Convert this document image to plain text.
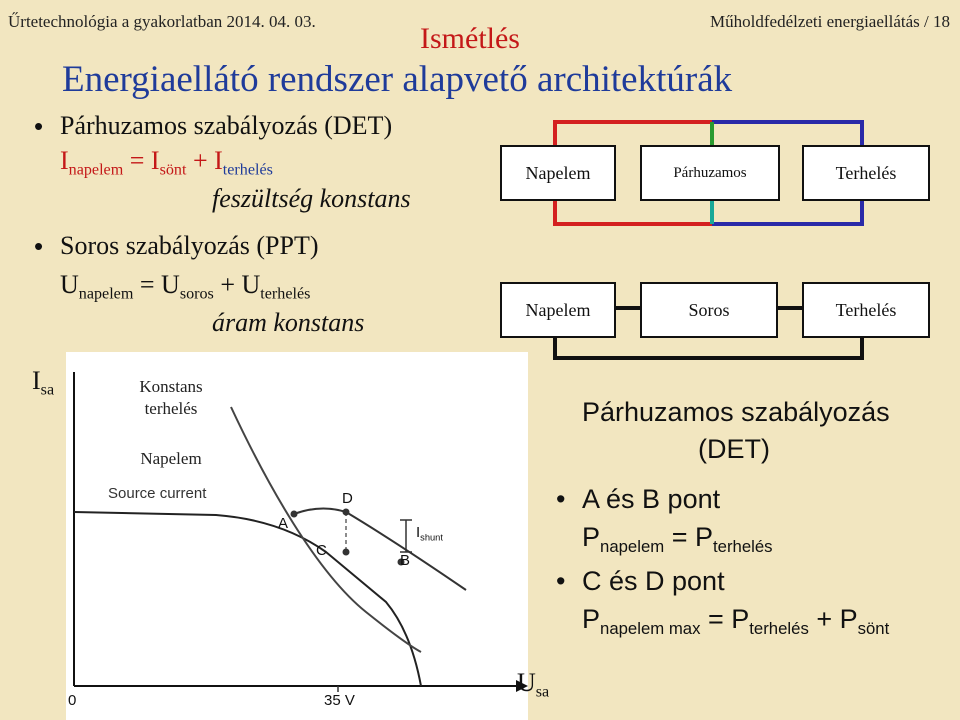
Űrtetechnológia a gyakorlatban 2014. 04. 03.	Műholdfedélzeti energiaellátás / 18
Ismétlés
Energiaellátó rendszer alapvető architektúrák
• Párhuzamos szabályozás (DET)
$I_{napelem} = I_{sönt} + I_{terhelés}$
feszültség konstans
• Soros szabályozás (PPT)
$U_{napelem} = U_{soros} + U_{terhelés}$
áram konstans
Napelem	Párhuzamos	Terhelés
Napelem	Soros	Terhelés
Konstans terhelés
Napelem
Source current
A
D
C
B
$I_{shunt}$
0	35 V
$I_{sa}$
$U_{sa}$
Párhuzamos szabályozás
(DET)
• A és B pont
$P_{napelem} = P_{terhelés}$
• C és D pont
$P_{napelem max} = P_{terhelés} + P_{sönt}$
